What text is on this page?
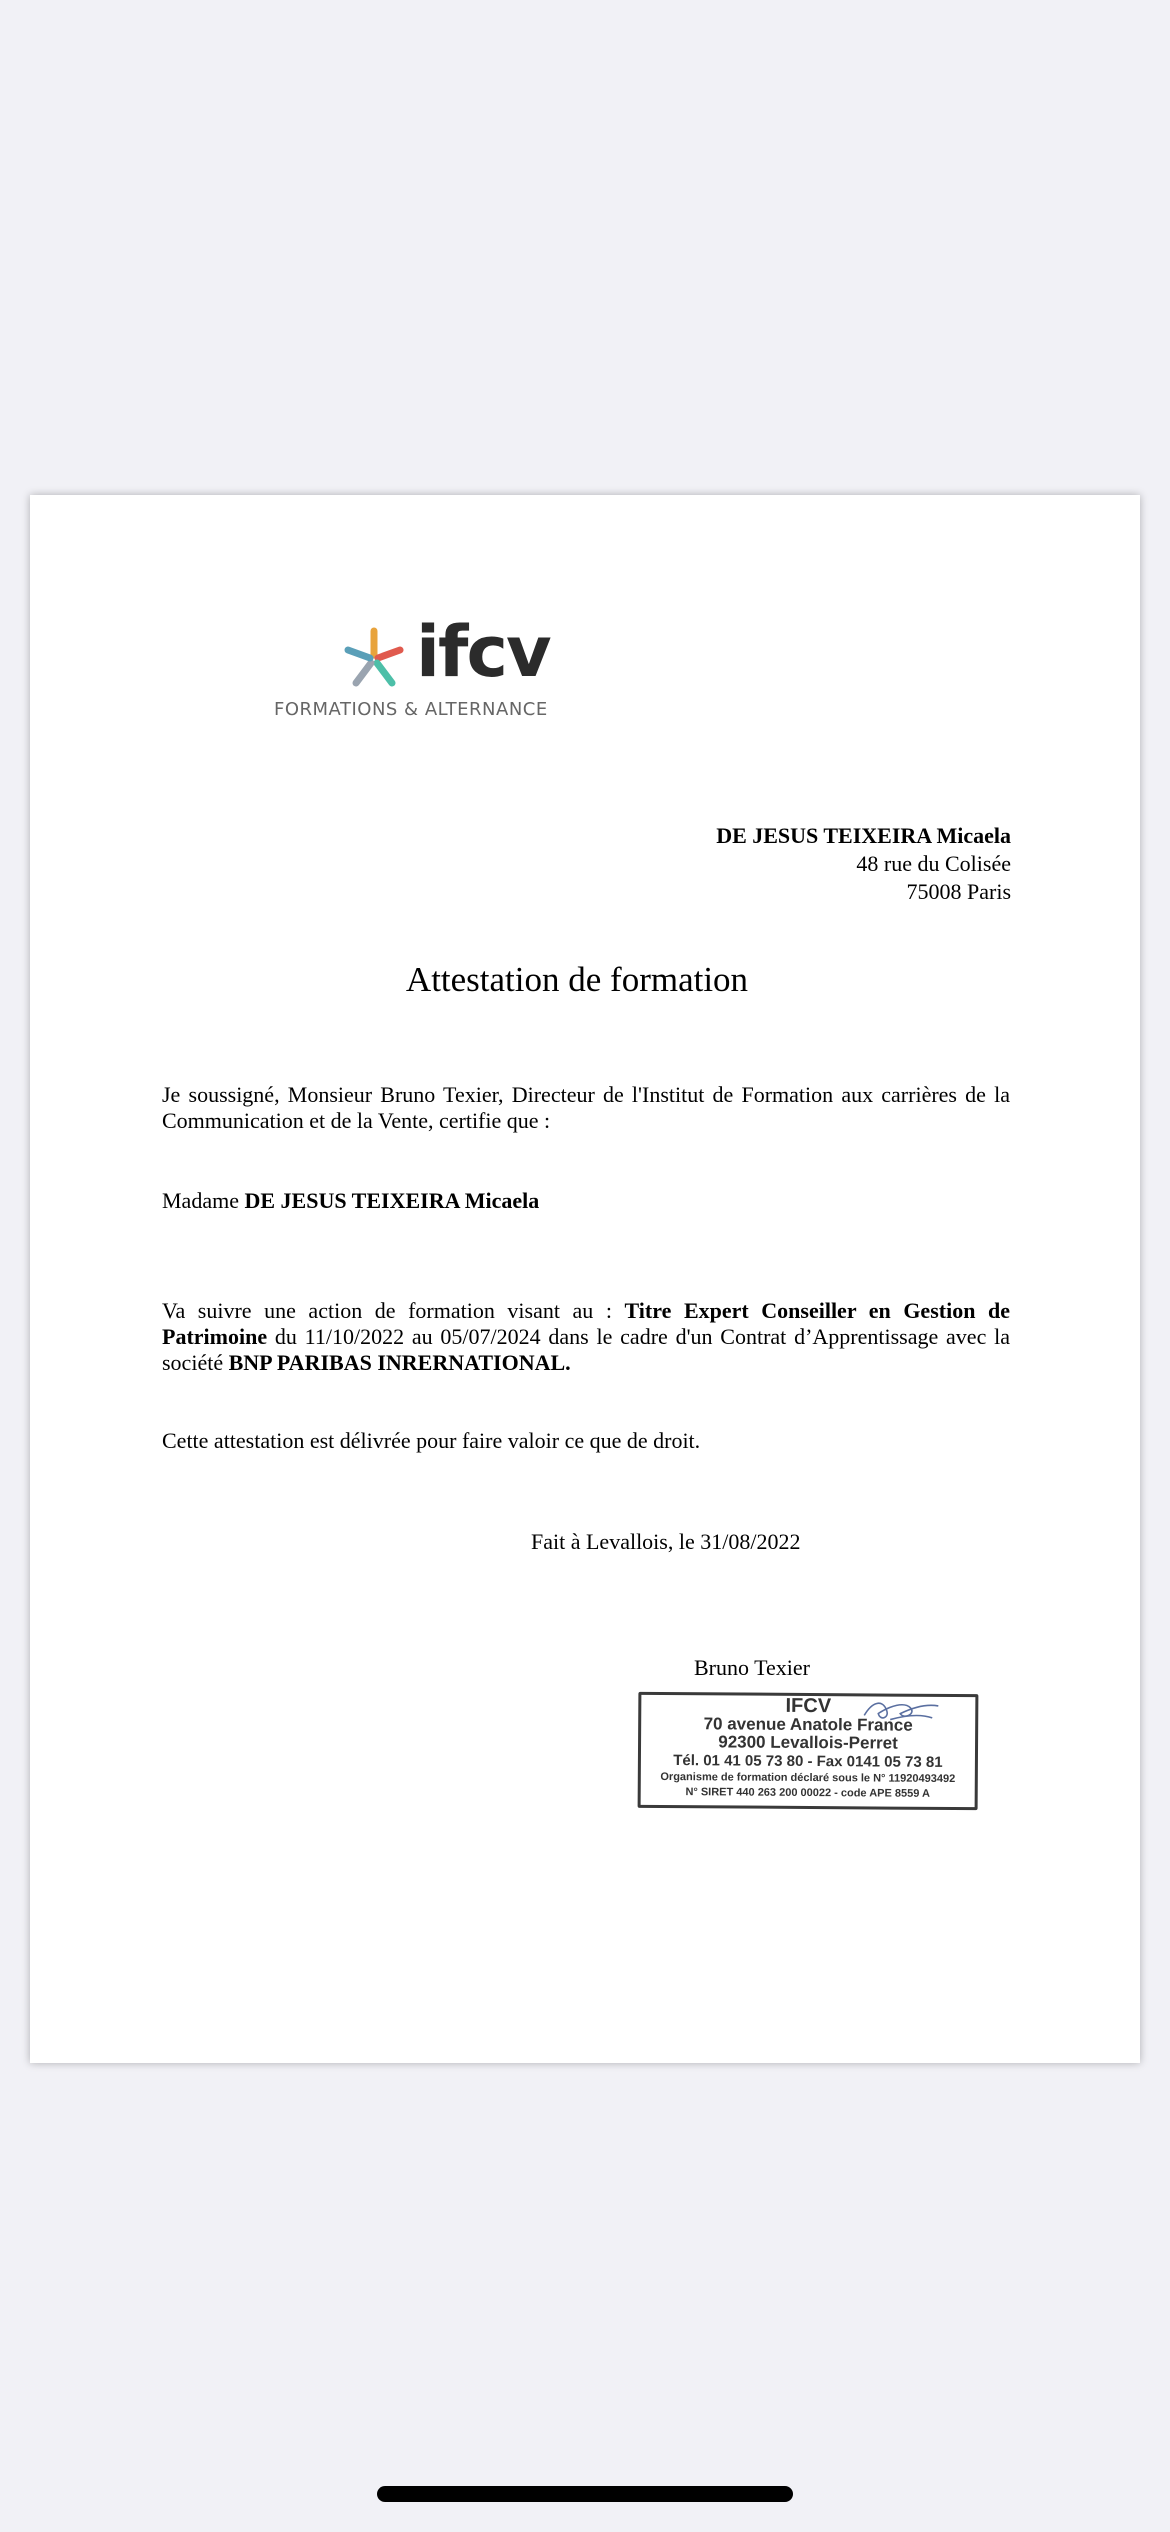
ifcv
FORMATIONS & ALTERNANCE
DE JESUS TEIXEIRA Micaela
48 rue du Colisée
75008 Paris
Attestation de formation
Je soussigné, Monsieur Bruno Texier, Directeur de l'Institut de Formation aux carrières de la Communication et de la Vente, certifie que :
Madame DE JESUS TEIXEIRA Micaela
Va suivre une action de formation visant au : Titre Expert Conseiller en Gestion de Patrimoine du 11/10/2022 au 05/07/2024 dans le cadre d'un Contrat d’Apprentissage avec la société BNP PARIBAS INRERNATIONAL.
Cette attestation est délivrée pour faire valoir ce que de droit.
Fait à Levallois, le 31/08/2022
Bruno Texier
IFCV
70 avenue Anatole France
92300 Levallois-Perret
Tél. 01 41 05 73 80 - Fax 0141 05 73 81
Organisme de formation déclaré sous le N° 11920493492
N° SIRET 440 263 200 00022 - code APE 8559 A
